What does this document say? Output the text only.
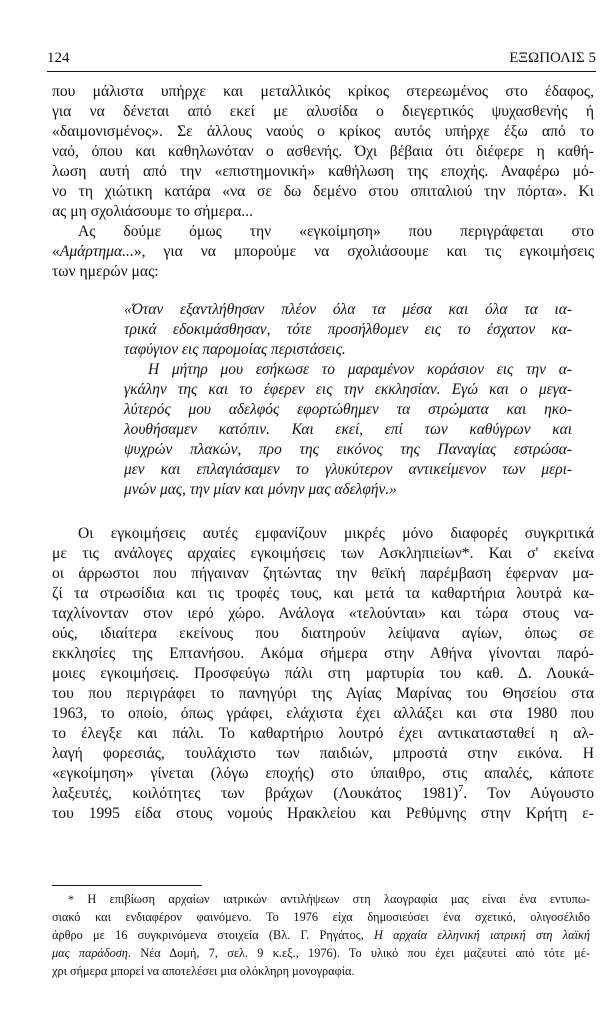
124	ΕΞΩΠΟΛΙΣ 5
που μάλιστα υπήρχε και μεταλλικός κρίκος στερεωμένος στο έδαφος,
για να δένεται από εκεί με αλυσίδα ο διεγερτικός ψυχασθενής ή
«δαιμονισμένος». Σε άλλους ναούς ο κρίκος αυτός υπήρχε έξω από το
ναό, όπου και καθηλωνόταν ο ασθενής. Όχι βέβαια ότι διέφερε η καθή-
λωση αυτή από την «επιστημονική» καθήλωση της εποχής. Αναφέρω μό-
νο τη χιώτικη κατάρα «να σε δω δεμένο στου σπιταλιού την πόρτα». Κι
ας μη σχολιάσουμε το σήμερα...
Ας δούμε όμως την «εγκοίμηση» που περιγράφεται στο
«Αμάρτημα...», για να μπορούμε να σχολιάσουμε και τις εγκοιμήσεις
των ημερών μας:
«Όταν εξαντλήθησαν πλέον όλα τα μέσα και όλα τα ια-
τρικά εδοκιμάσθησαν, τότε προσήλθομεν εις το έσχατον κα-
ταφύγιον εις παρομοίας περιστάσεις.
Η μήτηρ μου εσήκωσε το μαραμένον κοράσιον εις την α-
γκάλην της και το έφερεν εις την εκκλησίαν. Εγώ και ο μεγα-
λύτερός μου αδελφός εφορτώθημεν τα στρώματα και ηκο-
λουθήσαμεν κατόπιν. Και εκεί, επί των καθύγρων και
ψυχρών πλακών, προ της εικόνος της Παναγίας εστρώσα-
μεν και επλαγιάσαμεν το γλυκύτερον αντικείμενον των μερι-
μνών μας, την μίαν και μόνην μας αδελφήν.»
Οι εγκοιμήσεις αυτές εμφανίζουν μικρές μόνο διαφορές συγκριτικά
με τις ανάλογες αρχαίες εγκοιμήσεις των Ασκληπιείων*. Και σ' εκείνα
οι άρρωστοι που πήγαιναν ζητώντας την θεϊκή παρέμβαση έφερναν μα-
ζί τα στρωσίδια και τις τροφές τους, και μετά τα καθαρτήρια λουτρά κα-
ταχλίνονταν στον ιερό χώρο. Ανάλογα «τελούνται» και τώρα στους να-
ούς, ιδιαίτερα εκείνους που διατηρούν λείψανα αγίων, όπως σε
εκκλησίες της Επτανήσου. Ακόμα σήμερα στην Αθήνα γίνονται παρό-
μοιες εγκοιμήσεις. Προσφεύγω πάλι στη μαρτυρία του καθ. Δ. Λουκά-
του που περιγράφει το πανηγύρι της Αγίας Μαρίνας του Θησείου στα
1963, το οποίο, όπως γράφει, ελάχιστα έχει αλλάξει και στα 1980 που
το έλεγξε και πάλι. Το καθαρτήριο λουτρό έχει αντικατασταθεί η αλ-
λαγή φορεσιάς, τουλάχιστο των παιδιών, μπροστά στην εικόνα. Η
«εγκοίμηση» γίνεται (λόγω εποχής) στο ύπαιθρο, στις απαλές, κάποτε
λαξευτές, κοιλότητες των βράχων (Λουκάτος 1981)$^7$. Τον Αύγουστο
του 1995 είδα στους νομούς Ηρακλείου και Ρεθύμνης στην Κρήτη ε-
* Η επιβίωση αρχαίων ιατρικών αντιλήψεων στη λαογραφία μας είναι ένα εντυπω-
σιακό και ενδιαφέρον φαινόμενο. Το 1976 είχα δημοσιεύσει ένα σχετικό, ολιγοσέλιδο
άρθρο με 16 συγκρινόμενα στοιχεία (Βλ. Γ. Ρηγάτος, Η αρχαία ελληνική ιατρική στη λαϊκή
μας παράδοση. Νέα Δομή, 7, σελ. 9 κ.εξ., 1976). Το υλικό που έχει μαζευτεί από τότε μέ-
χρι σήμερα μπορεί να αποτελέσει μια ολόκληρη μονογραφία.
